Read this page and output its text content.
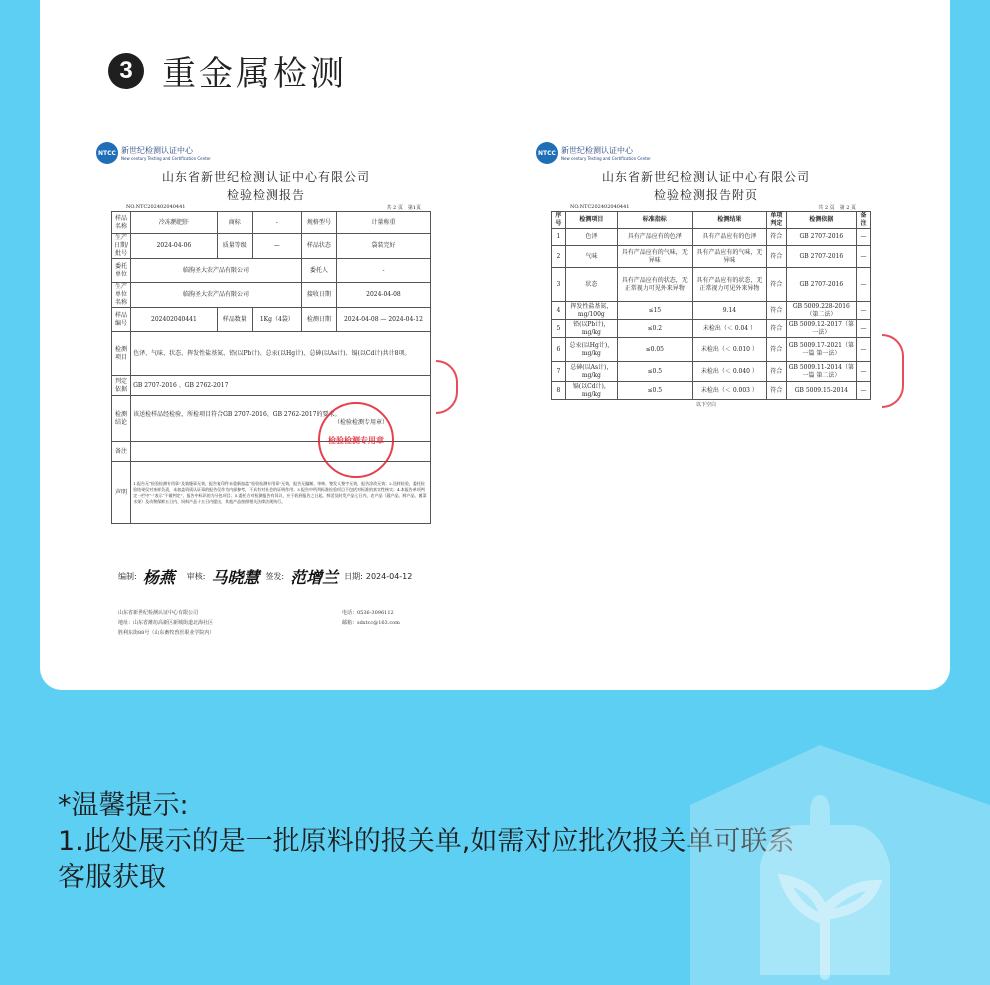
3 重金属检测
NTCC 新世纪检测认证中心
New century Testing and Certification Center
山东省新世纪检测认证中心有限公司
检验检测报告
NO.NTC202402040441	共 2 页　第1页
样品名称	冷冻鹅肥肝	商标	-	规格型号	计量称重
生产日期/批号	2024-04-06	质量等级	—	样品状态	袋装完好
委托单位	临朐圣大农产品有限公司			委托人	-
生产单位名称	临朐圣大农产品有限公司			接收日期	2024-04-08
样品编号	202402040441	样品数量	1Kg（4袋）	检测日期	2024-04-08 — 2024-04-12
检测项目	色泽、气味、状态、挥发性盐基氮、铅(以Pb计)、总汞(以Hg计)、总砷(以As计)、镉(以Cd计)共计8项。				
判定依据	GB 2707-2016 、GB 2762-2017				
检测结论	该送检样品经检验，所检项目符合GB 2707-2016、GB 2762-2017的要求。
（检验检测专用章）				

备注					
声明	1.报告无“检验检测专用章”及骑缝章无效，报告复印件未重新加盖“检验检测专用章”无效，报告无编制、审核、签发人签字无效，报告涂改无效；2.送样检验，委托检验结果仅对来样负责，未加盖资质认证章的报告仅作为内部参考，不具有对社会的证明作用；3.报告中所列标准检验项目不包括对标准的真实性核实；4.本报告单项判定一栏中“-”表示“不做判定”，报告中标识的为分包项目；5.委托方对检测报告有异议，应于收到报告之日起，鲜活及时发产品七日内、农产品（蔬产品、鲜产品、菌菜水果）及动物保鲜五日内、饲料产品十五日内提出，其他产品按照相关法律法规执行。				
检验检测专用章
编制: 杨燕 审核: 马晓慧 签发: 范增兰 日期: 2024-04-12
山东省新世纪检测认证中心有限公司
地址：山东省潍坊高新区新城街道北海社区
胜利东街88号（山东畜牧兽医职业学院内）
电话：0536-3096112
邮箱：sdxtcc@163.com
NTCC 新世纪检测认证中心
New century Testing and Certification Center
山东省新世纪检测认证中心有限公司
检验检测报告附页
NO.NTC202402040441	共 2 页　第 2 页
序号	检测项目	标准指标	检测结果	单项判定	检测依据	备注
1	色泽	具有产品应有的色泽	具有产品应有的色泽	符合	GB 2707-2016	—
2	气味	具有产品应有的气味，无异味	具有产品应有的气味，无异味	符合	GB 2707-2016	—
3	状态	具有产品应有的状态，无正常视力可见外来异物	具有产品应有的状态，无正常视力可见外来异物	符合	GB 2707-2016	—
4	挥发性盐基氮，mg/100g	≤15	9.14	符合	GB 5009.228-2016（第二法）	—
5	铅(以Pb计)，mg/kg	≤0.2	未检出（＜ 0.04 ）	符合	GB 5009.12-2017（第一法）	—
6	总汞(以Hg计)，mg/kg	≤0.05	未检出（＜ 0.010 ）	符合	GB 5009.17-2021（第一篇 第一法）	—
7	总砷(以As计)，mg/kg	≤0.5	未检出（＜ 0.040 ）	符合	GB 5009.11-2014（第一篇 第二法）	—
8	镉(以Cd计)，mg/kg	≤0.5	未检出（＜ 0.003 ）	符合	GB 5009.15-2014	—
以下空白
*温馨提示:
1.此处展示的是一批原料的报关单,如需对应批次报关单可联系
客服获取
